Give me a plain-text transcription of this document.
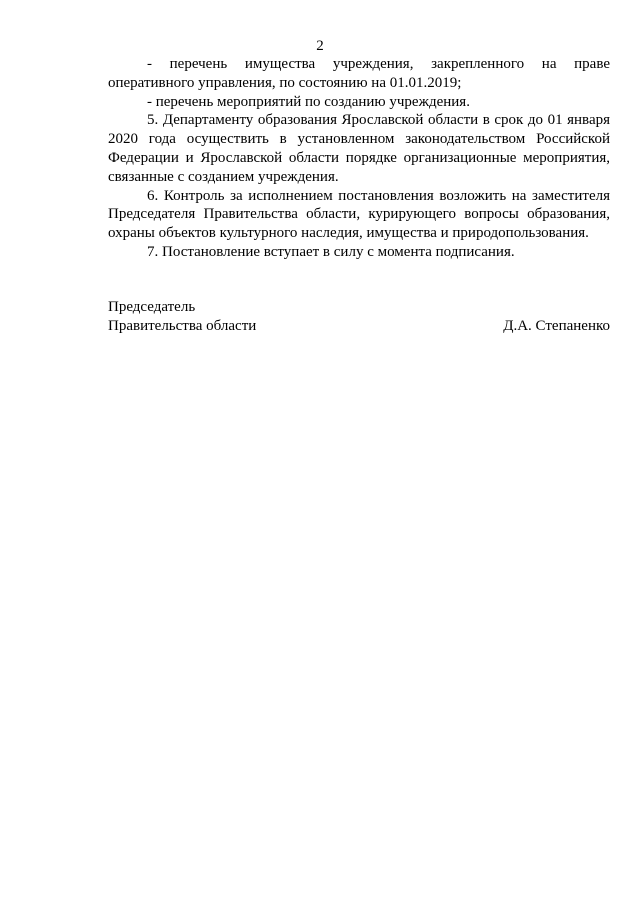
2

- перечень имущества учреждения, закрепленного на праве оперативного управления, по состоянию на 01.01.2019;

- перечень мероприятий по созданию учреждения.

5. Департаменту образования Ярославской области в срок до 01 января 2020 года осуществить в установленном законодательством Российской Федерации и Ярославской области порядке организационные мероприятия, связанные с созданием учреждения.

6. Контроль за исполнением постановления возложить на заместителя Председателя Правительства области, курирующего вопросы образования, охраны объектов культурного наследия, имущества и природопользования.

7. Постановление вступает в силу с момента подписания.

Председатель
Правительства области	Д.А. Степаненко
